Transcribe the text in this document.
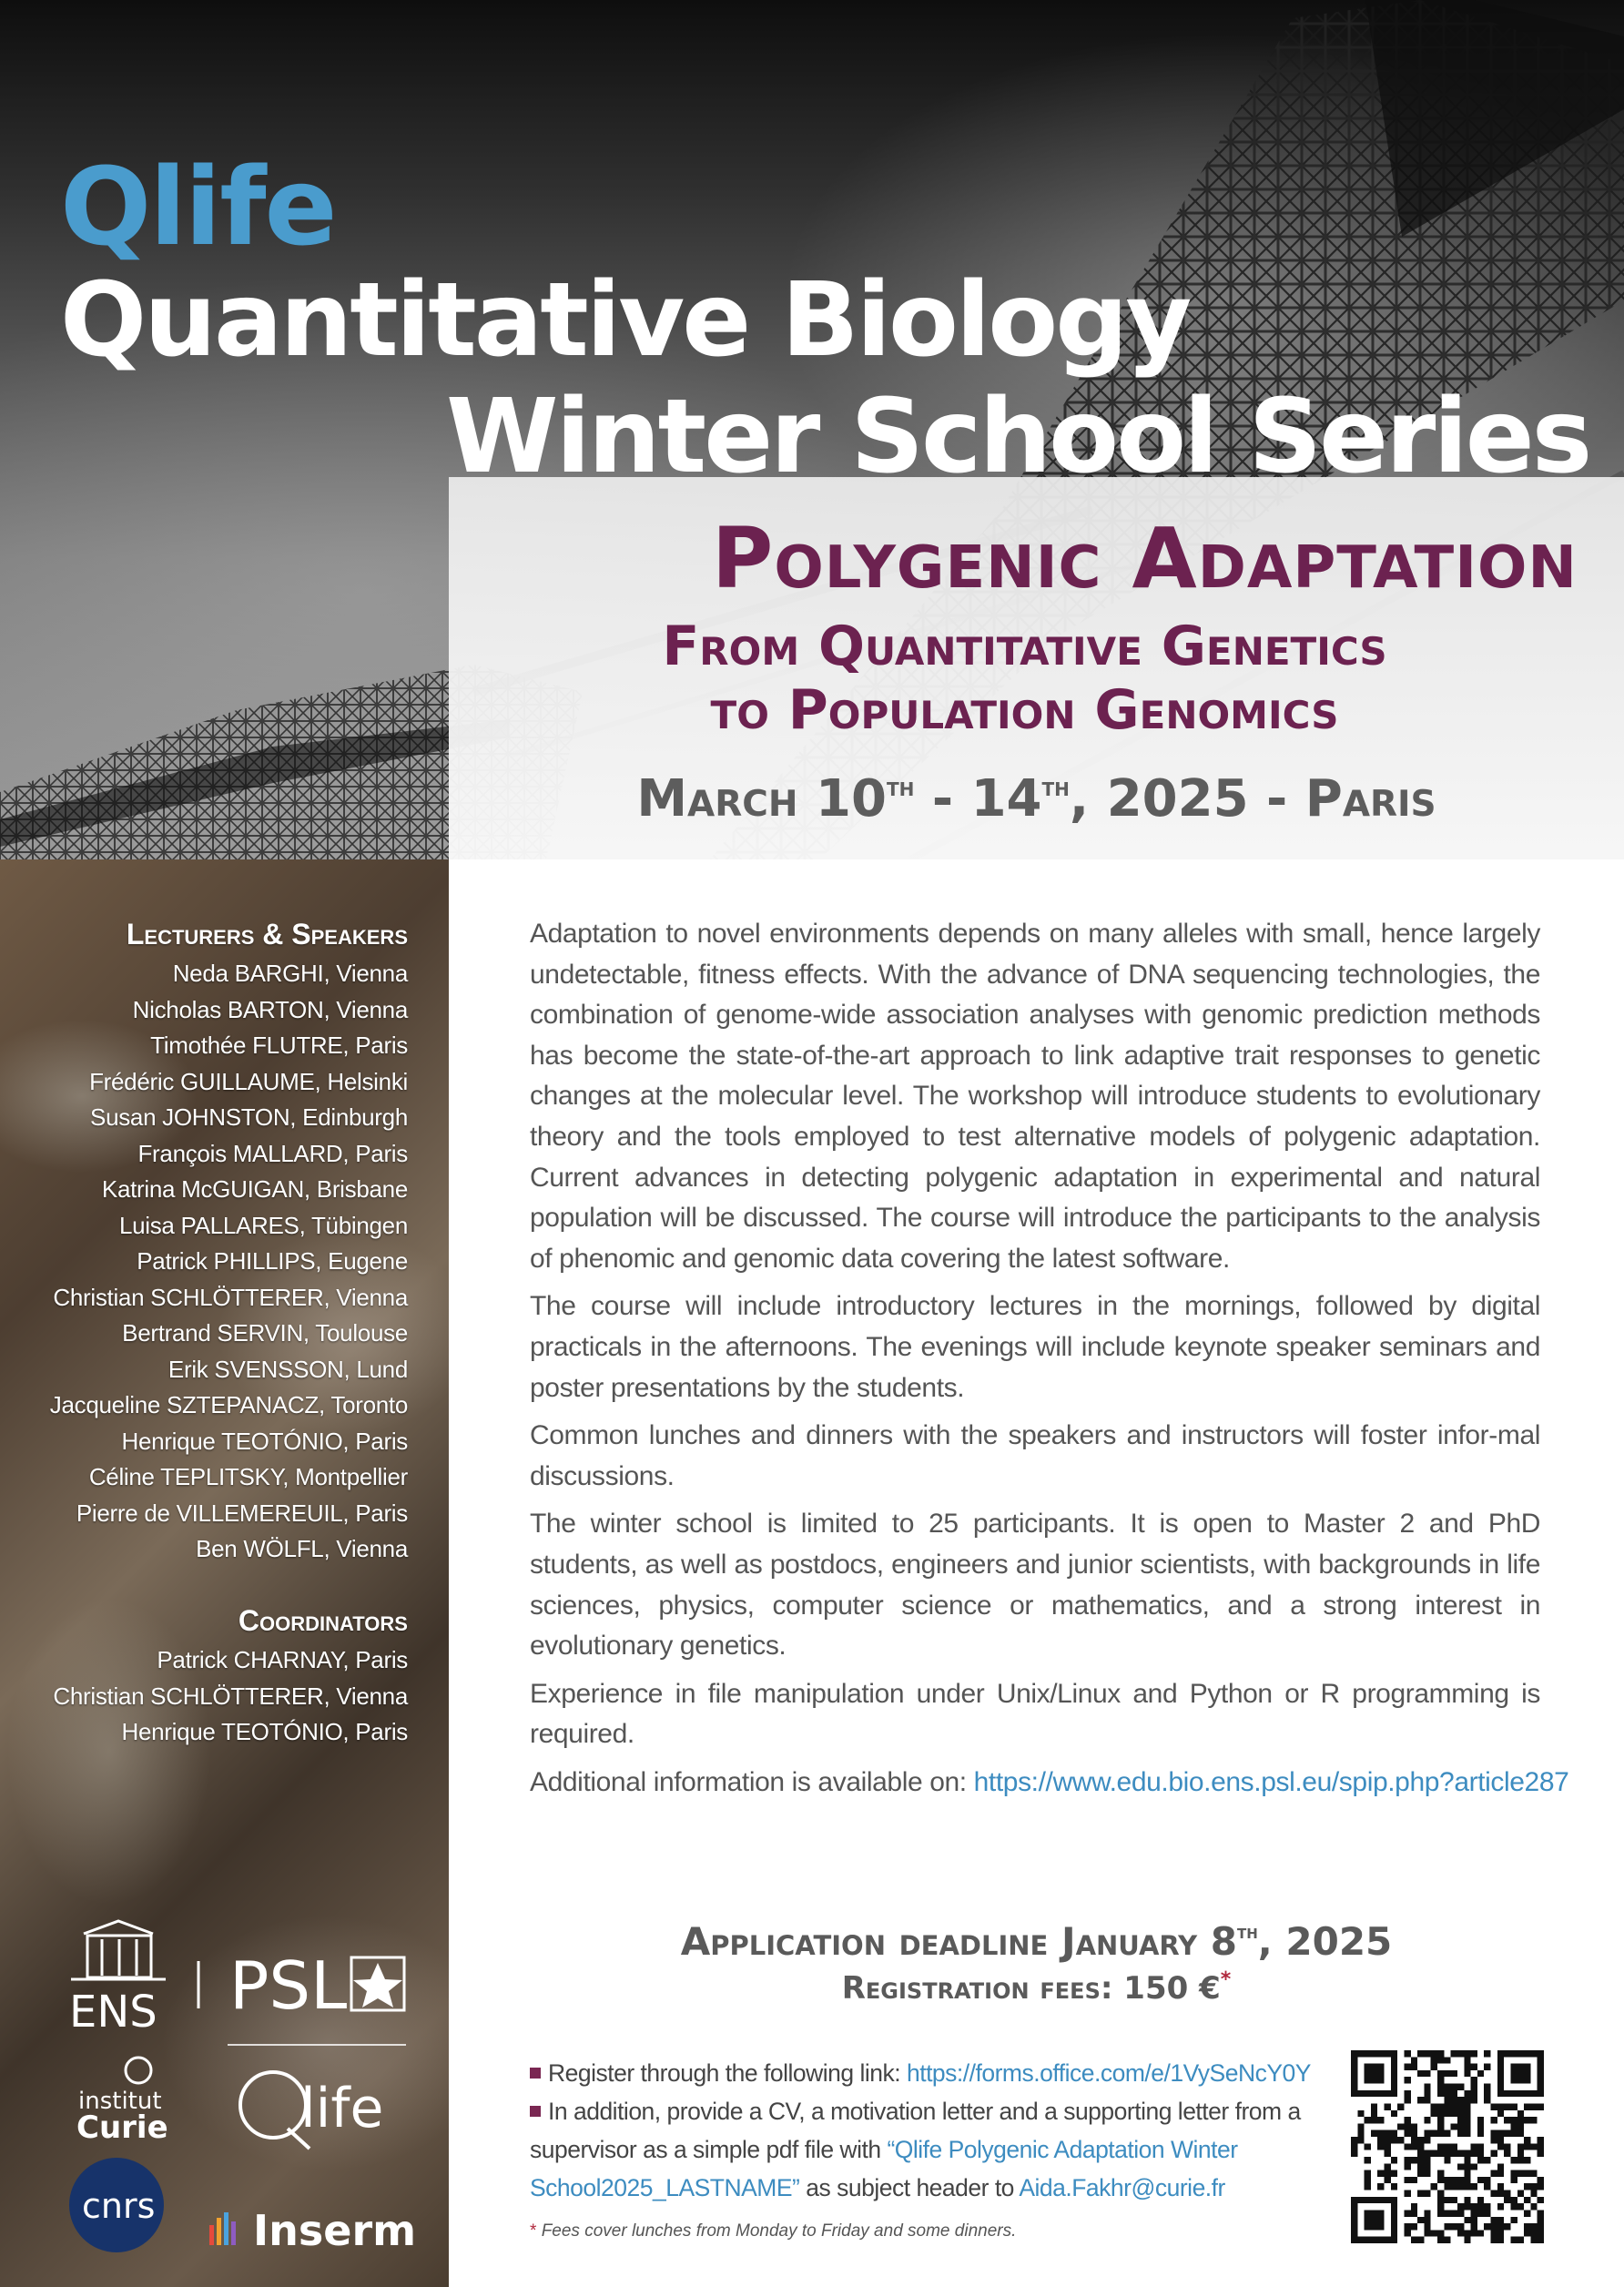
Qlife
Quantitative Biology
Winter School Series
Polygenic Adaptation
From Quantitative Genetics
to Population Genomics
March 10th - 14th, 2025 - Paris
Lecturers & Speakers
Neda BARGHI, Vienna
Nicholas BARTON, Vienna
Timothée FLUTRE, Paris
Frédéric GUILLAUME, Helsinki
Susan JOHNSTON, Edinburgh
François MALLARD, Paris
Katrina McGUIGAN, Brisbane
Luisa PALLARES, Tübingen
Patrick PHILLIPS, Eugene
Christian SCHLÖTTERER, Vienna
Bertrand SERVIN, Toulouse
Erik SVENSSON, Lund
Jacqueline SZTEPANACZ, Toronto
Henrique TEOTÓNIO, Paris
Céline TEPLITSKY, Montpellier
Pierre de VILLEMEREUIL, Paris
Ben WÖLFL, Vienna
Coordinators
Patrick CHARNAY, Paris
Christian SCHLÖTTERER, Vienna
Henrique TEOTÓNIO, Paris
ENS PSL
institut
Curie life
cnrs Inserm

Adaptation to novel environments depends on many alleles with small, hence largely undetectable, fitness effects. With the advance of DNA sequencing technologies, the combination of genome-wide association analyses with genomic prediction methods has become the state-of-the-art approach to link adaptive trait responses to genetic changes at the molecular level. The workshop will introduce students to evolutionary theory and the tools employed to test alternative models of polygenic adaptation. Current advances in detecting polygenic adaptation in experimental and natural population will be discussed. The course will introduce the participants to the analysis of phenomic and genomic data covering the latest software.

The course will include introductory lectures in the mornings, followed by digital practicals in the afternoons. The evenings will include keynote speaker seminars and poster presentations by the students.

Common lunches and dinners with the speakers and instructors will foster infor-mal discussions.

The winter school is limited to 25 participants. It is open to Master 2 and PhD students, as well as postdocs, engineers and junior scientists, with backgrounds in life sciences, physics, computer science or mathematics, and a strong interest in evolutionary genetics.

Experience in file manipulation under Unix/Linux and Python or R programming is required.

Additional information is available on: https://www.edu.bio.ens.psl.eu/spip.php?article287

Application deadline January 8th, 2025
Registration fees: 150 €*
Register through the following link: https://forms.office.com/e/1VySeNcY0Y
In addition, provide a CV, a motivation letter and a supporting letter from a
supervisor as a simple pdf file with “Qlife Polygenic Adaptation Winter
School2025_LASTNAME” as subject header to Aida.Fakhr@curie.fr
* Fees cover lunches from Monday to Friday and some dinners.
